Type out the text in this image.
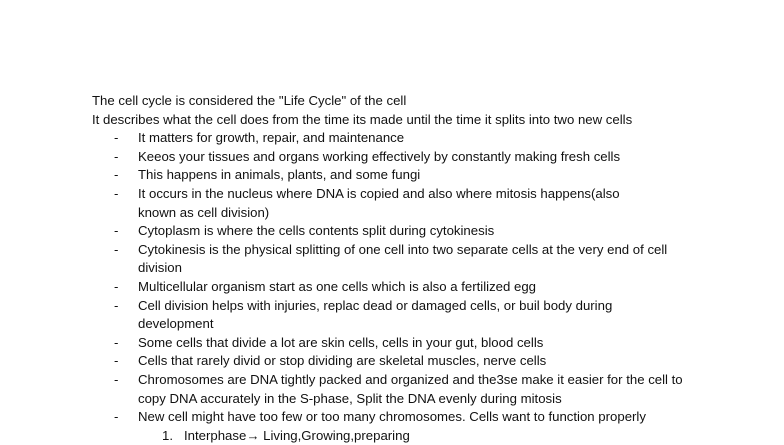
The cell cycle is considered the "Life Cycle" of the cell

It describes what the cell does from the time its made until the time it splits into two new cells

- It matters for growth, repair, and maintenance
- Keeos your tissues and organs working effectively by constantly making fresh cells
- This happens in animals, plants, and some fungi
- It occurs in the nucleus where DNA is copied and also where mitosis happens(also known as cell division)
- Cytoplasm is where the cells contents split during cytokinesis
- Cytokinesis is the physical splitting of one cell into two separate cells at the very end of cell division
- Multicellular organism start as one cells which is also a fertilized egg
- Cell division helps with injuries, replac dead or damaged cells, or buil body during development
- Some cells that divide a lot are skin cells, cells in your gut, blood cells
- Cells that rarely divid or stop dividing are skeletal muscles, nerve cells
- Chromosomes are DNA tightly packed and organized and the3se make it easier for the cell to copy DNA accurately in the S-phase, Split the DNA evenly during mitosis
- New cell might have too few or too many chromosomes. Cells want to function properly
1. Interphase→ Living,Growing,preparing
